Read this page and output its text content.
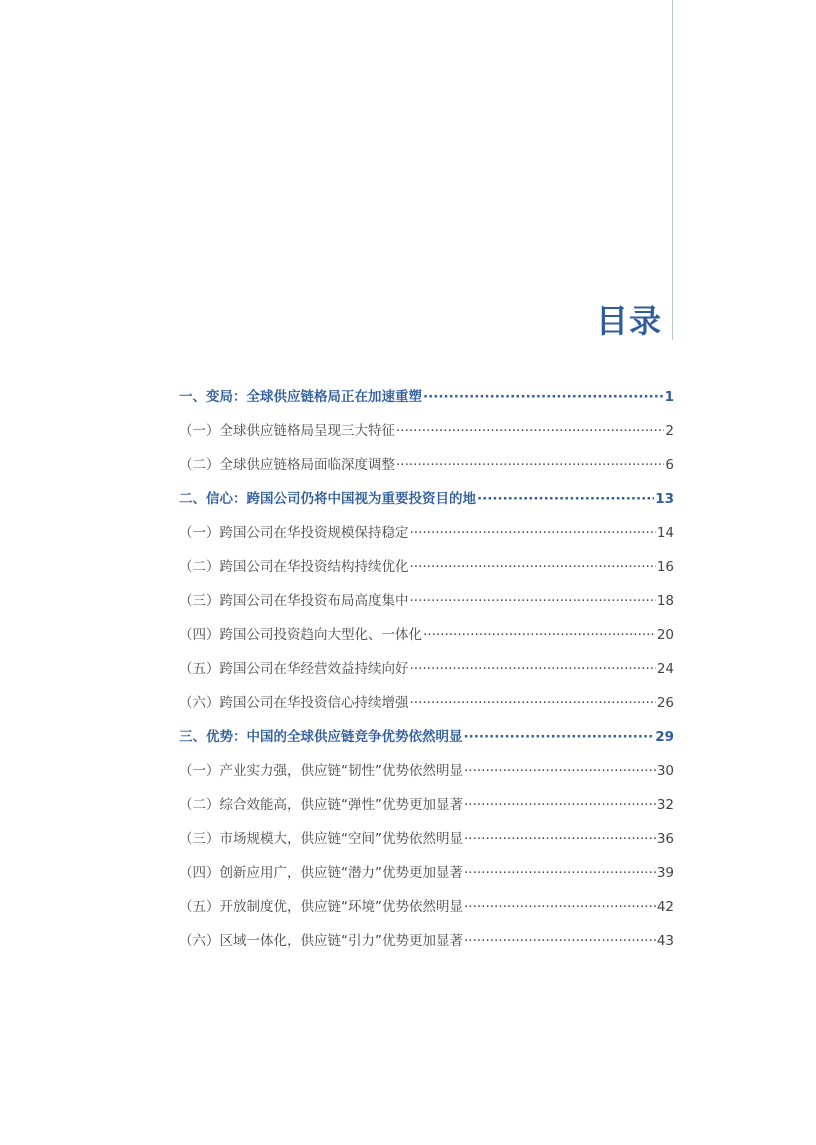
目录
一、变局：全球供应链格局正在加速重塑 ·····	1
（一）全球供应链格局呈现三大特征 ·····	2
（二）全球供应链格局面临深度调整 ·····	6
二、信心：跨国公司仍将中国视为重要投资目的地 ·····	13
（一）跨国公司在华投资规模保持稳定 ·····	14
（二）跨国公司在华投资结构持续优化 ·····	16
（三）跨国公司在华投资布局高度集中 ·····	18
（四）跨国公司投资趋向大型化、一体化 ·····	20
（五）跨国公司在华经营效益持续向好 ·····	24
（六）跨国公司在华投资信心持续增强 ·····	26
三、优势：中国的全球供应链竞争优势依然明显 ·····	29
（一）产业实力强，供应链“韧性”优势依然明显 ·····	30
（二）综合效能高，供应链“弹性”优势更加显著 ·····	32
（三）市场规模大，供应链“空间”优势依然明显 ·····	36
（四）创新应用广，供应链“潜力”优势更加显著 ·····	39
（五）开放制度优，供应链“环境”优势依然明显 ·····	42
（六）区域一体化，供应链“引力”优势更加显著 ·····	43
